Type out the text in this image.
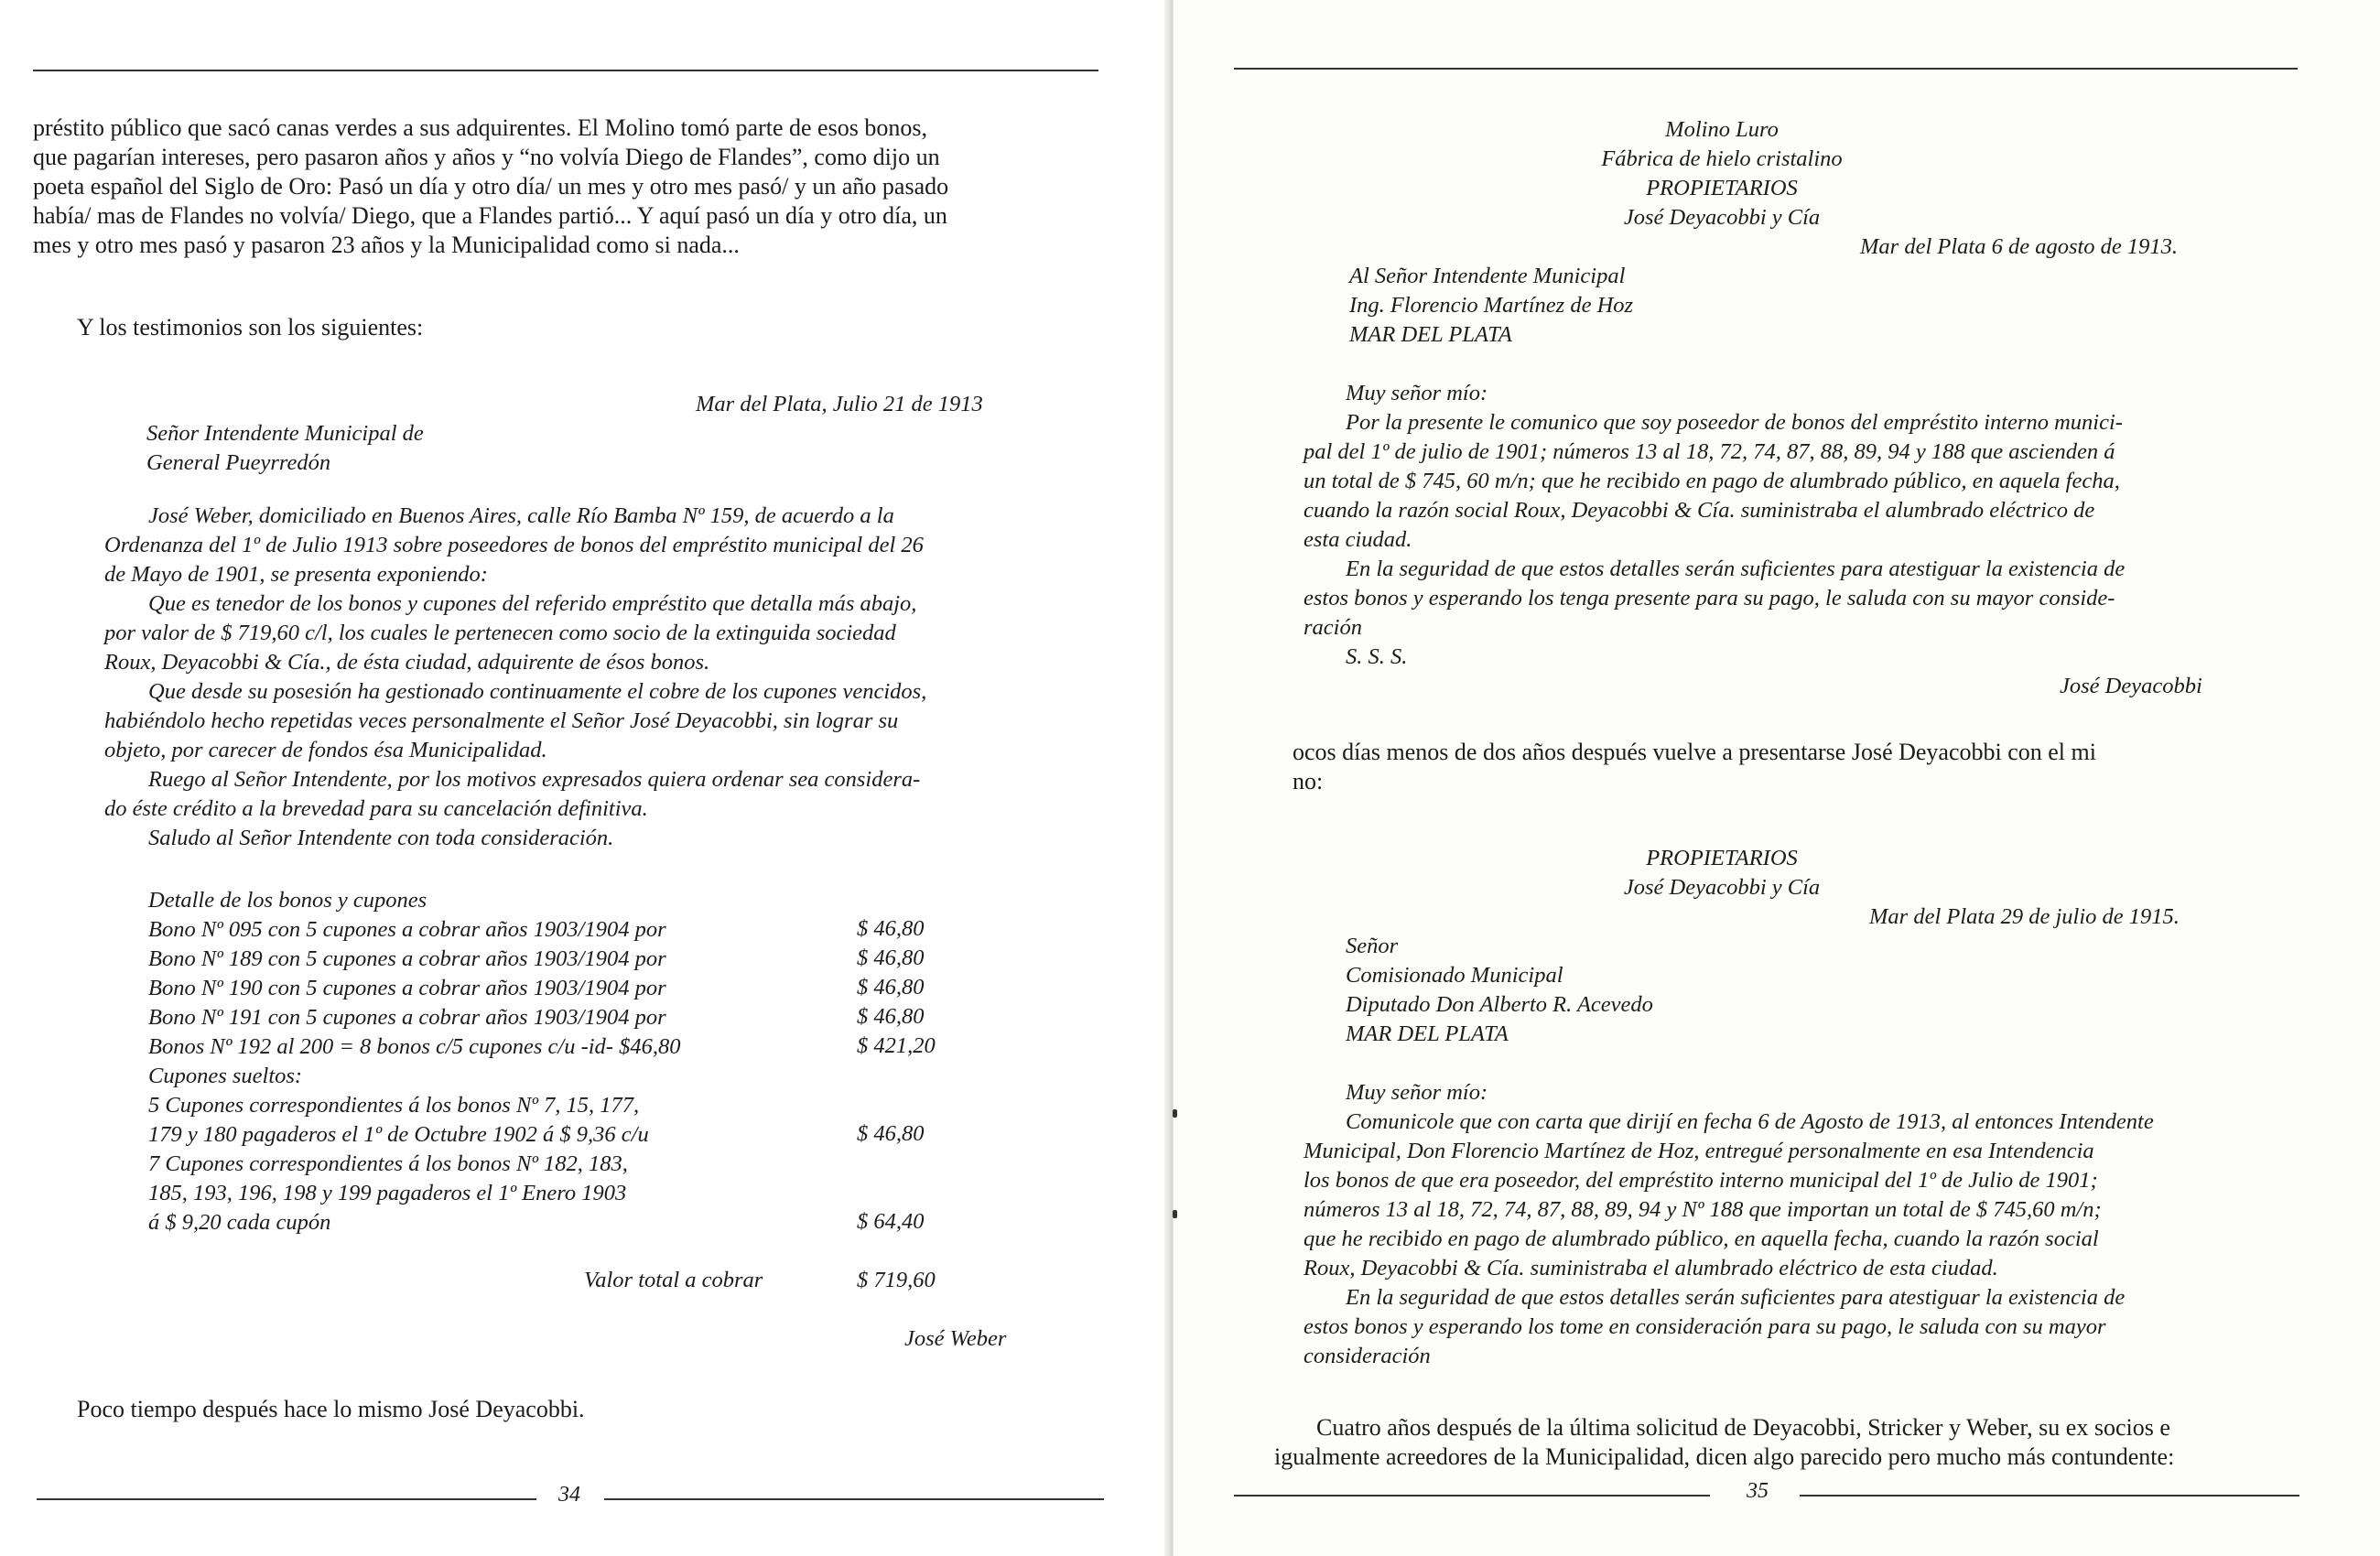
préstito público que sacó canas verdes a sus adquirentes. El Molino tomó parte de esos bonos,
que pagarían intereses, pero pasaron años y años y “no volvía Diego de Flandes”, como dijo un
poeta español del Siglo de Oro: Pasó un día y otro día/ un mes y otro mes pasó/ y un año pasado
había/ mas de Flandes no volvía/ Diego, que a Flandes partió... Y aquí pasó un día y otro día, un
mes y otro mes pasó y pasaron 23 años y la Municipalidad como si nada...
Y los testimonios son los siguientes:
Mar del Plata, Julio 21 de 1913
Señor Intendente Municipal de
General Pueyrredón
José Weber, domiciliado en Buenos Aires, calle Río Bamba Nº 159, de acuerdo a la
Ordenanza del 1º de Julio 1913 sobre poseedores de bonos del empréstito municipal del 26
de Mayo de 1901, se presenta exponiendo:
Que es tenedor de los bonos y cupones del referido empréstito que detalla más abajo,
por valor de $ 719,60 c/l, los cuales le pertenecen como socio de la extinguida sociedad
Roux, Deyacobbi & Cía., de ésta ciudad, adquirente de ésos bonos.
Que desde su posesión ha gestionado continuamente el cobre de los cupones vencidos,
habiéndolo hecho repetidas veces personalmente el Señor José Deyacobbi, sin lograr su
objeto, por carecer de fondos ésa Municipalidad.
Ruego al Señor Intendente, por los motivos expresados quiera ordenar sea considera-
do éste crédito a la brevedad para su cancelación definitiva.
Saludo al Señor Intendente con toda consideración.
Detalle de los bonos y cupones
Bono Nº 095 con 5 cupones a cobrar años 1903/1904 por
Bono Nº 189 con 5 cupones a cobrar años 1903/1904 por
Bono Nº 190 con 5 cupones a cobrar años 1903/1904 por
Bono Nº 191 con 5 cupones a cobrar años 1903/1904 por
Bonos Nº 192 al 200 = 8 bonos c/5 cupones c/u -id- $46,80
Cupones sueltos:
5 Cupones correspondientes á los bonos Nº 7, 15, 177,
179 y 180 pagaderos el 1º de Octubre 1902 á $ 9,36 c/u
7 Cupones correspondientes á los bonos Nº 182, 183,
185, 193, 196, 198 y 199 pagaderos el 1º Enero 1903
á $ 9,20 cada cupón
$ 46,80
$ 46,80
$ 46,80
$ 46,80
$ 421,20
$ 46,80
$ 64,40
Valor total a cobrar	$ 719,60
José Weber
Poco tiempo después hace lo mismo José Deyacobbi.
34
Molino Luro
Fábrica de hielo cristalino
PROPIETARIOS
José Deyacobbi y Cía
Mar del Plata 6 de agosto de 1913.
Al Señor Intendente Municipal
Ing. Florencio Martínez de Hoz
MAR DEL PLATA
Muy señor mío:
Por la presente le comunico que soy poseedor de bonos del empréstito interno munici-
pal del 1º de julio de 1901; números 13 al 18, 72, 74, 87, 88, 89, 94 y 188 que ascienden á
un total de $ 745, 60 m/n; que he recibido en pago de alumbrado público, en aquela fecha,
cuando la razón social Roux, Deyacobbi & Cía. suministraba el alumbrado eléctrico de
esta ciudad.
En la seguridad de que estos detalles serán suficientes para atestiguar la existencia de
estos bonos y esperando los tenga presente para su pago, le saluda con su mayor conside-
ración
S. S. S.
José Deyacobbi
ocos días menos de dos años después vuelve a presentarse José Deyacobbi con el mi
no:
PROPIETARIOS
José Deyacobbi y Cía
Mar del Plata 29 de julio de 1915.
Señor
Comisionado Municipal
Diputado Don Alberto R. Acevedo
MAR DEL PLATA
Muy señor mío:
Comunicole que con carta que dirijí en fecha 6 de Agosto de 1913, al entonces Intendente
Municipal, Don Florencio Martínez de Hoz, entregué personalmente en esa Intendencia
los bonos de que era poseedor, del empréstito interno municipal del 1º de Julio de 1901;
números 13 al 18, 72, 74, 87, 88, 89, 94 y Nº 188 que importan un total de $ 745,60 m/n;
que he recibido en pago de alumbrado público, en aquella fecha, cuando la razón social
Roux, Deyacobbi & Cía. suministraba el alumbrado eléctrico de esta ciudad.
En la seguridad de que estos detalles serán suficientes para atestiguar la existencia de
estos bonos y esperando los tome en consideración para su pago, le saluda con su mayor
consideración
Cuatro años después de la última solicitud de Deyacobbi, Stricker y Weber, su ex socios e
igualmente acreedores de la Municipalidad, dicen algo parecido pero mucho más contundente:
35
